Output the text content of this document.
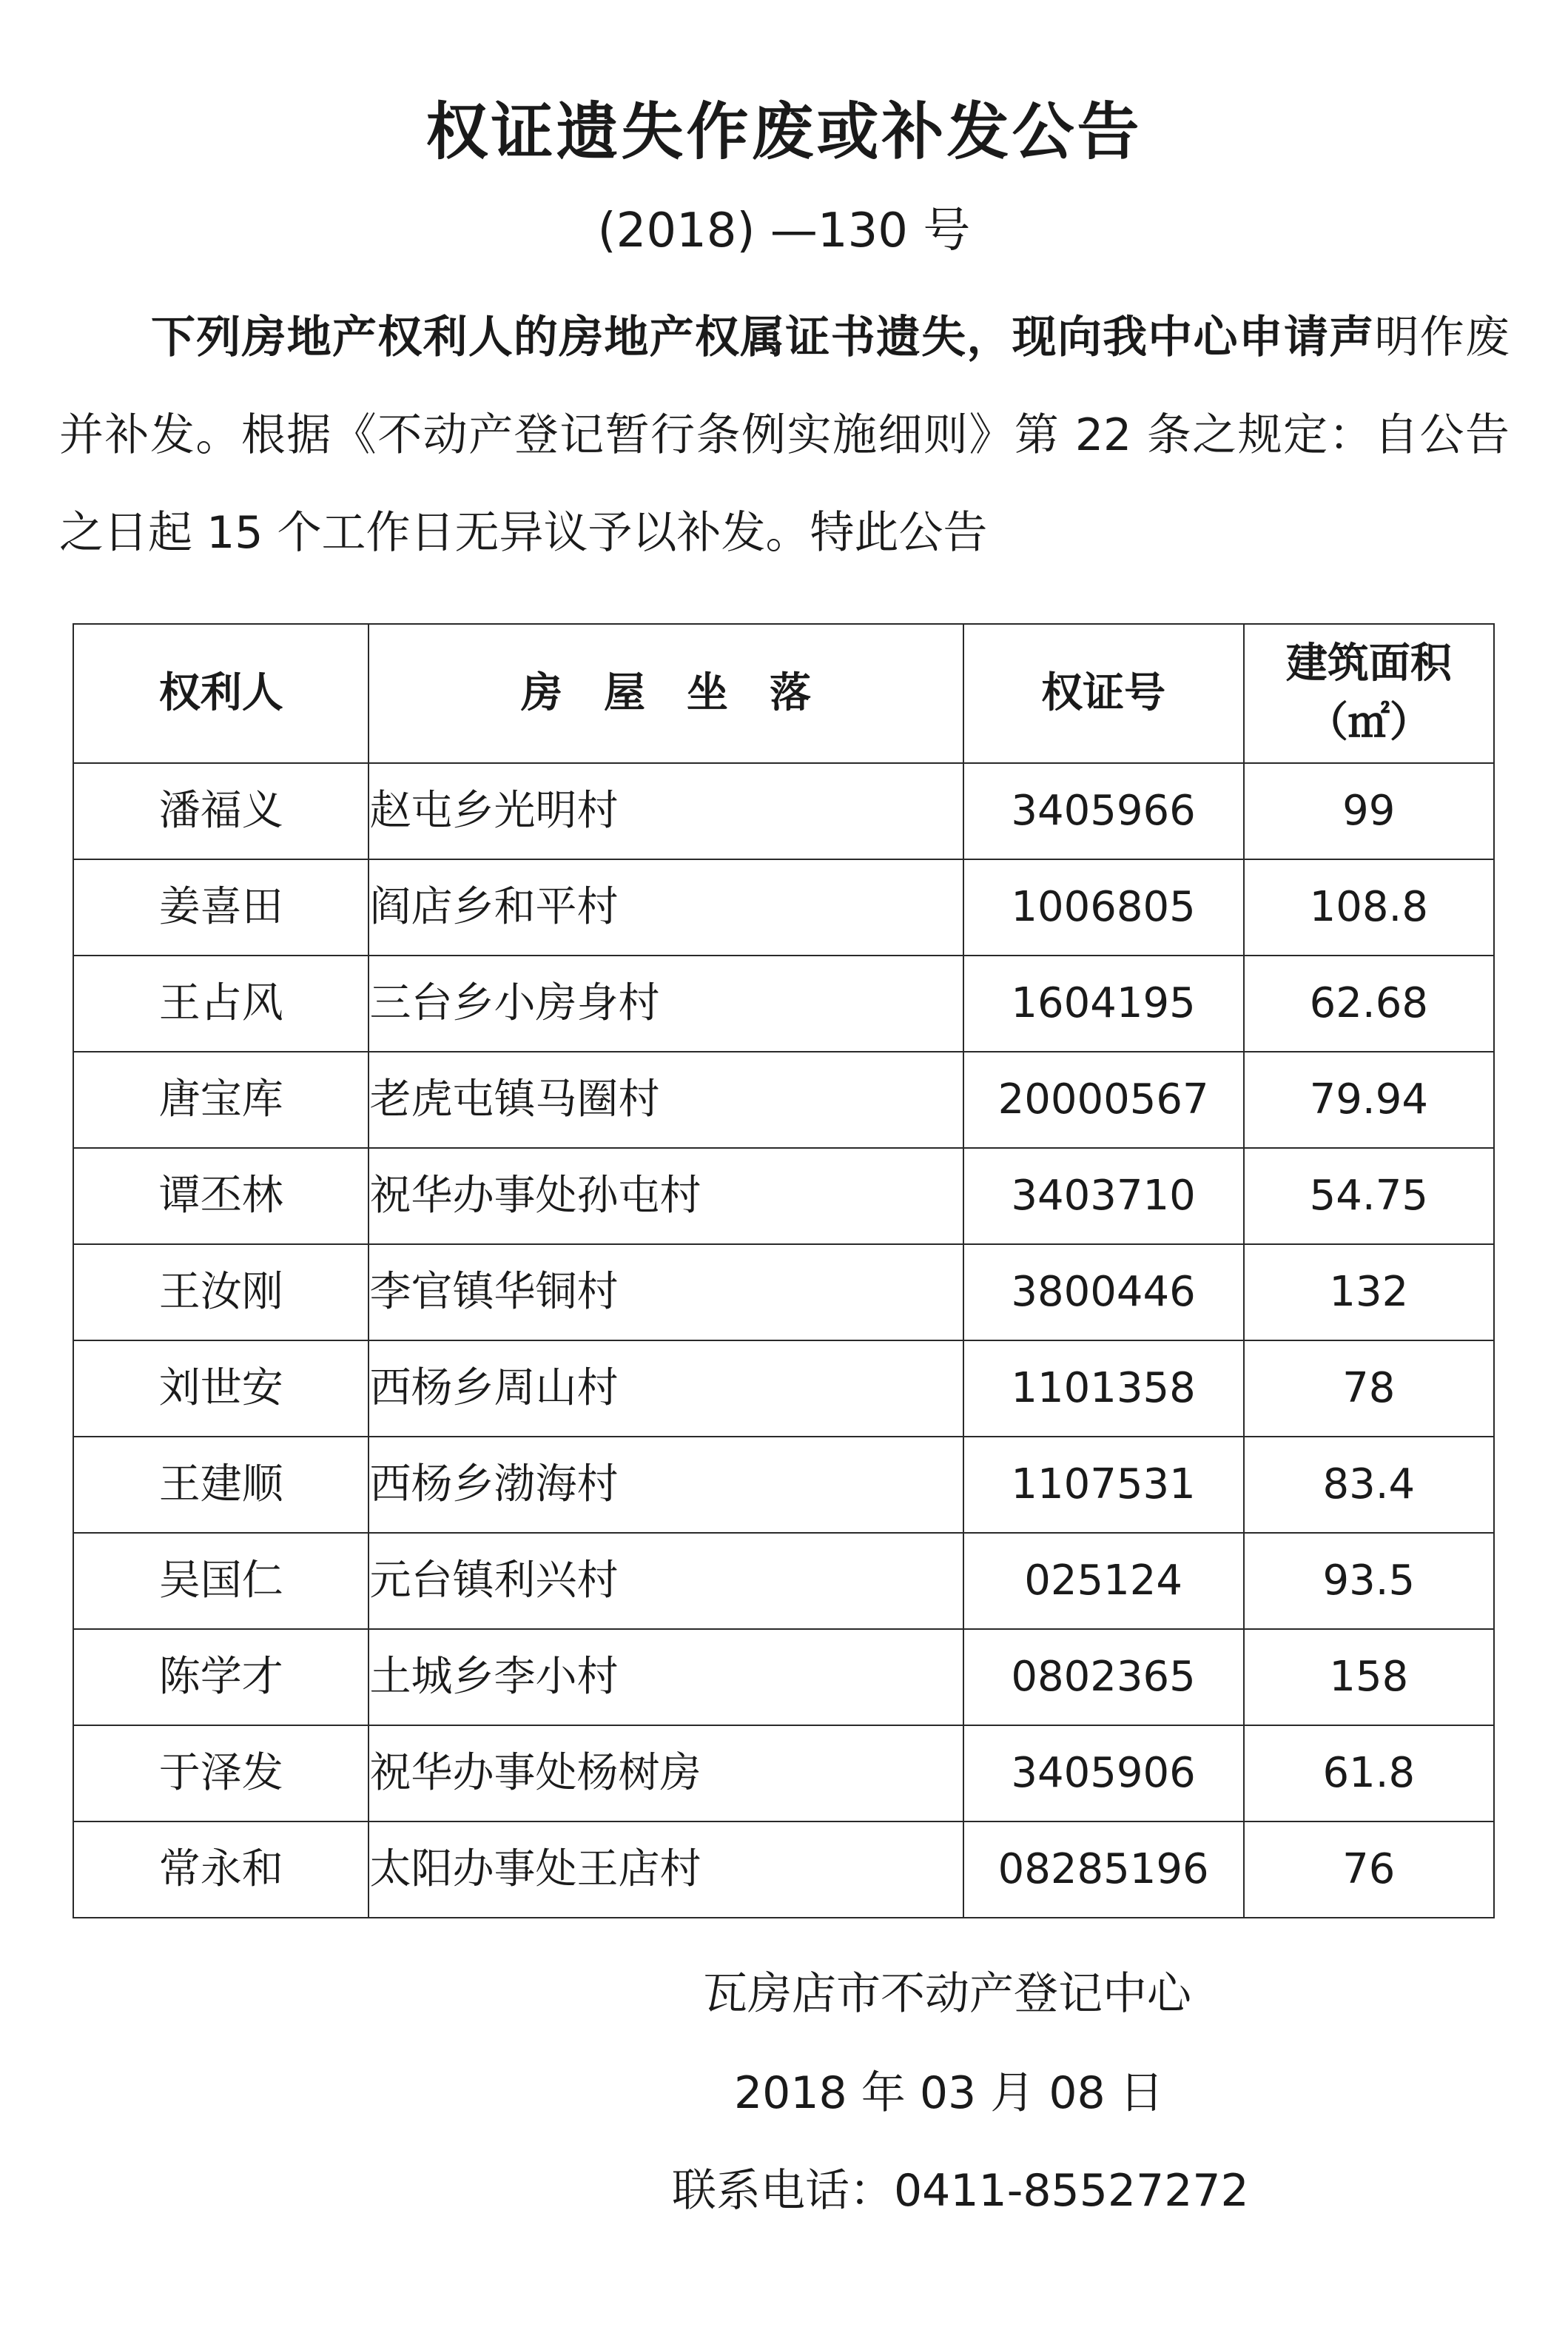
权证遗失作废或补发公告
(2018) —130 号
下列房地产权利人的房地产权属证书遗失，现向我中心申请声明作废并补发。根据《不动产登记暂行条例实施细则》第 22 条之规定：自公告之日起 15 个工作日无异议予以补发。特此公告
权利人	房　屋　坐　落	权证号	建筑面积
（㎡）
潘福义	赵屯乡光明村	3405966	99
姜喜田	阎店乡和平村	1006805	108.8
王占风	三台乡小房身村	1604195	62.68
唐宝库	老虎屯镇马圈村	20000567	79.94
谭丕林	祝华办事处孙屯村	3403710	54.75
王汝刚	李官镇华铜村	3800446	132
刘世安	西杨乡周山村	1101358	78
王建顺	西杨乡渤海村	1107531	83.4
吴国仁	元台镇利兴村	025124	93.5
陈学才	土城乡李小村	0802365	158
于泽发	祝华办事处杨树房	3405906	61.8
常永和	太阳办事处王店村	08285196	76
瓦房店市不动产登记中心
2018 年 03 月 08 日
联系电话：0411-85527272
